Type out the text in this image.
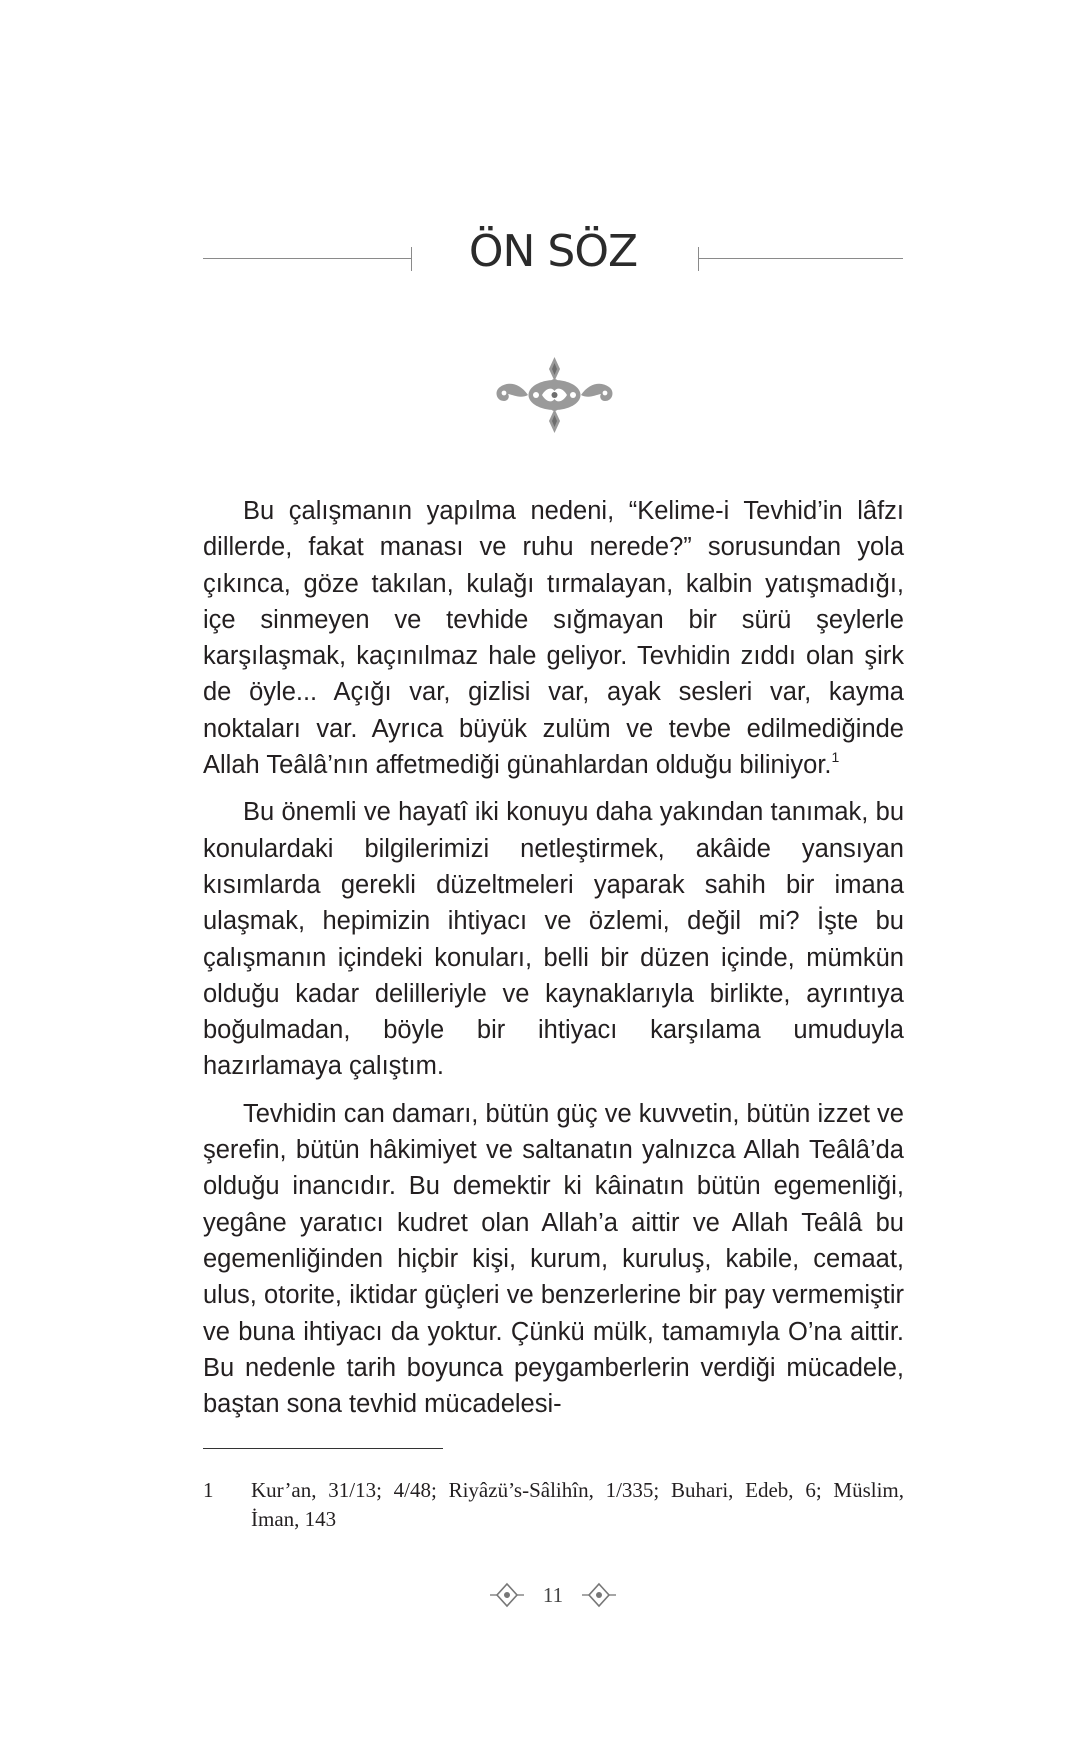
ÖN SÖZ

Bu çalışmanın yapılma nedeni, “Kelime-i Tevhid’in lâfzı dillerde, fakat manası ve ruhu nerede?” sorusundan yola çıkınca, göze takılan, kulağı tırmalayan, kalbin yatışmadığı, içe sinmeyen ve tevhide sığmayan bir sürü şeylerle karşılaşmak, kaçınılmaz hale geliyor. Tevhidin zıddı olan şirk de öyle... Açığı var, gizlisi var, ayak sesleri var, kayma noktaları var. Ayrıca büyük zulüm ve tevbe edilmediğinde Allah Teâlâ’nın affetmediği günahlardan olduğu biliniyor.$^1$

Bu önemli ve hayatî iki konuyu daha yakından tanımak, bu konulardaki bilgilerimizi netleştirmek, akâide yansıyan kısımlarda gerekli düzeltmeleri yaparak sahih bir imana ulaşmak, hepimizin ihtiyacı ve özlemi, değil mi? İşte bu çalışmanın içindeki konuları, belli bir düzen içinde, mümkün olduğu kadar delilleriyle ve kaynaklarıyla birlikte, ayrıntıya boğulmadan, böyle bir ihtiyacı karşılama umuduyla hazırlamaya çalıştım.

Tevhidin can damarı, bütün güç ve kuvvetin, bütün izzet ve şerefin, bütün hâkimiyet ve saltanatın yalnızca Allah Teâlâ’da olduğu inancıdır. Bu demektir ki kâinatın bütün egemenliği, yegâne yaratıcı kudret olan Allah’a aittir ve Allah Teâlâ bu egemenliğinden hiçbir kişi, kurum, kuruluş, kabile, cemaat, ulus, otorite, iktidar güçleri ve benzerlerine bir pay vermemiştir ve buna ihtiyacı da yoktur. Çünkü mülk, tamamıyla O’na aittir. Bu nedenle tarih boyunca peygamberlerin verdiği mücadele, baştan sona tevhid mücadelesi-

1 Kur’an, 31/13; 4/48; Riyâzü’s-Sâlihîn, 1/335; Buhari, Edeb, 6; Müslim, İman, 143
11
